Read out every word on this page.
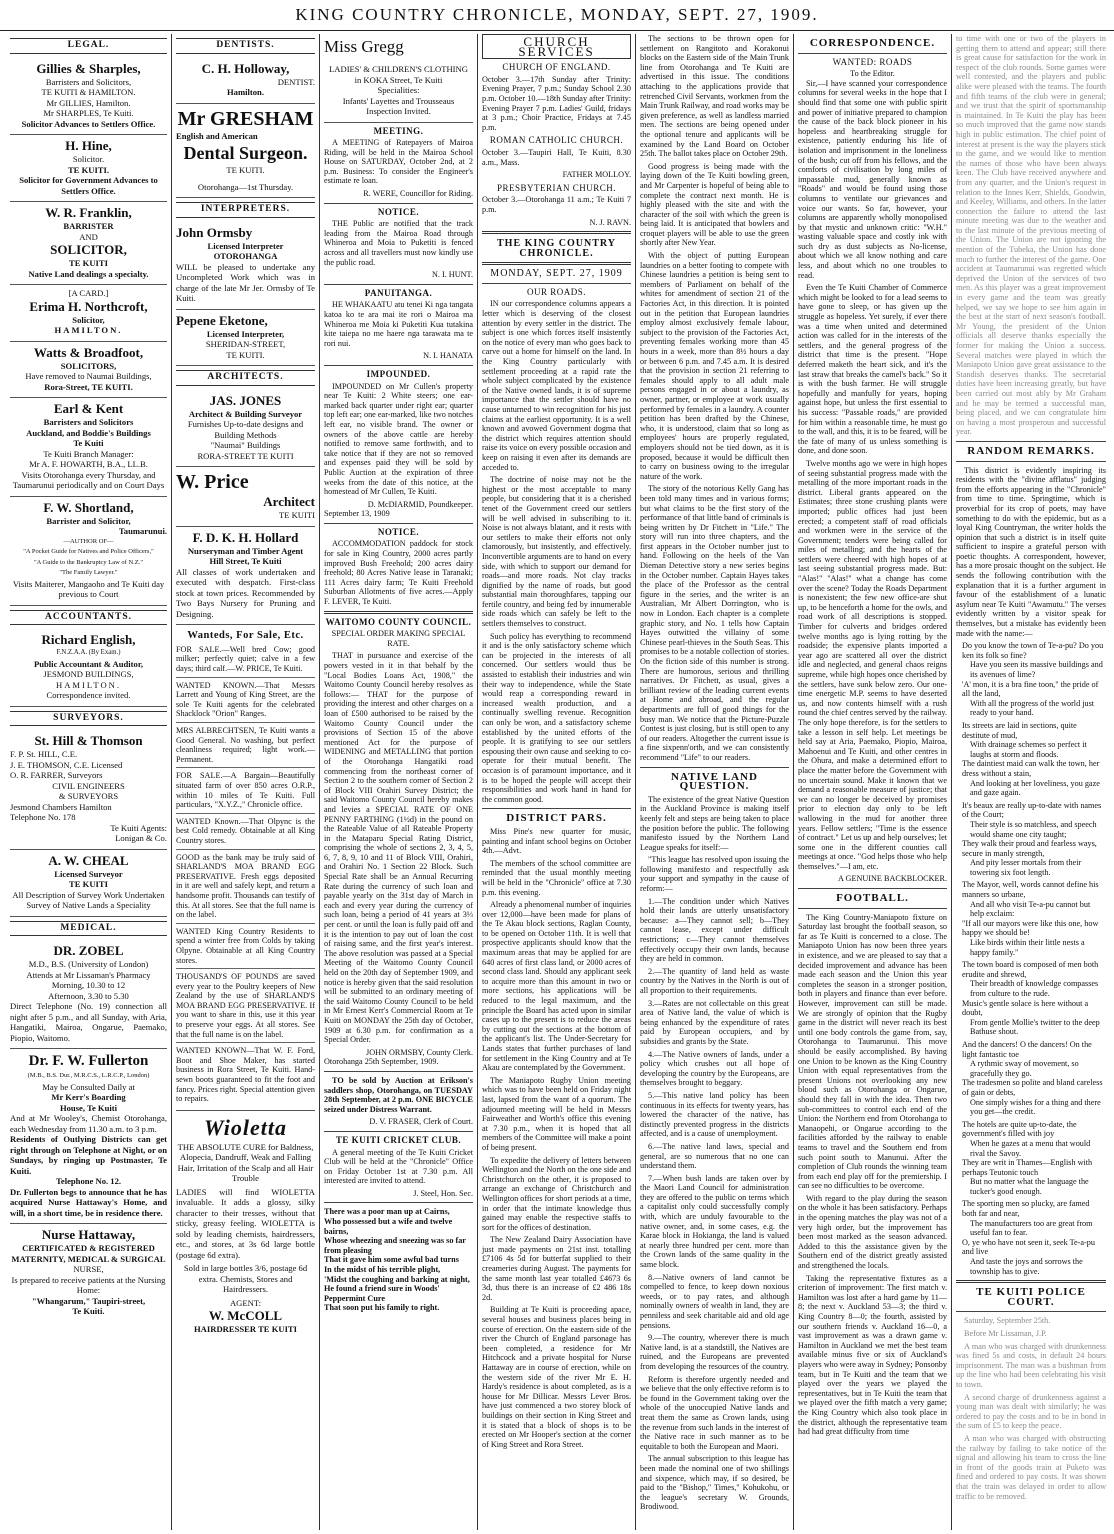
KING COUNTRY CHRONICLE, MONDAY, SEPT. 27, 1909.
LEGAL.
Gillies & Sharples,
Barristers and Solicitors,
TE KUITI & HAMILTON.
Mr GILLIES, Hamilton.
Mr SHARPLES, Te Kuiti.
Solicitor Advances to Settlers Office.
H. Hine,
Solicitor.
TE KUITI.
Solicitor for Government Advances to Settlers Office.
W. R. Franklin,
BARRISTER
AND
SOLICITOR,
TE KUITI
Native Land dealings a specialty.
[A CARD.]
Erima H. Northcroft,
Solicitor,
HAMILTON.
Watts & Broadfoot,
SOLICITORS,
Have removed to Naumai Buildings,
Rora-Street, TE KUITI.
Earl & Kent
Barristers and Solicitors
Auckland, and Boddie's Buildings
Te Kuiti
Te Kuiti Branch Manager:
Mr A. F. HOWARTH, B.A., LL.B.
Visits Otorohanga every Thursday, and Taumarunui periodically and on Court Days
F. W. Shortland,
Barrister and Solicitor,
Taumarunui.
—AUTHOR OF—
"A Pocket Guide for Natives and Police Officers,"
"A Guide to the Bankruptcy Law of N.Z."
"The Family Lawyer."
Visits Maiterer, Mangaoho and Te Kuiti day previous to Court
ACCOUNTANTS.
Richard English,
F.N.Z.A.A. (By Exam.)
Public Accountant & Auditor,
JESMOND BUILDINGS,
HAMILTON.
Correspondence invited.
SURVEYORS.
St. Hill & Thomson
F. P. St. HILL, C.E.
J. E. THOMSON, C.E. Licensed
O. R. FARRER, Surveyors
CIVIL ENGINEERS
& SURVEYORS
Jesmond Chambers Hamilton
Telephone No. 178
Te Kuiti Agents:
Lonigan & Co.
A. W. CHEAL
Licensed Surveyor
TE KUITI
All Description of Survey Work Undertaken
Survey of Native Lands a Speciality
MEDICAL.
DR. ZOBEL
M.D., B.S. (University of London)
Attends at Mr Lissaman's Pharmacy
Morning, 10.30 to 12
Afternoon, 3.30 to 5.30
Direct Telephone (No. 19) connection all night after 5 p.m., and all Sunday, with Aria, Hangatiki, Mairoa, Ongarue, Paemako, Piopio, Waitomo.
Dr. F. W. Fullerton
(M.B., B.S. Dur., M.R.C.S., L.R.C.P., London)
May be Consulted Daily at
Mr Kerr's Boarding
House, Te Kuiti
And at Mr Wooley's, Chemist Otorohanga, each Wednesday from 11.30 a.m. to 3 p.m.
Residents of Outlying Districts can get right through on Telephone at Night, or on Sundays, by ringing up Postmaster, Te Kuiti.
Telephone No. 12.
Dr. Fullerton begs to announce that he has acquired Nurse Hattaway's Home, and will, in a short time, be in residence there.
Nurse Hattaway,
CERTIFICATED & REGISTERED
MATERNITY, MEDICAL & SURGICAL
NURSE,
Is prepared to receive patients at the Nursing Home:
"Whangarum," Taupiri-street,
Te Kuiti.
DENTISTS.
C. H. Holloway,
DENTIST.
Hamilton.
Mr GRESHAM
English and American
Dental Surgeon.
TE KUITI.
Otorohanga—1st Thursday.
INTERPRETERS.
John Ormsby
Licensed Interpreter
OTOROHANGA
WILL be pleased to undertake any Uncompleted Work which was in charge of the late Mr Jer. Ormsby of Te Kuiti.
Pepene Eketone,
Licensed Interpreter,
SHERIDAN-STREET,
TE KUITI.
ARCHITECTS.
JAS. JONES
Architect & Building Surveyor
Furnishes Up-to-date designs and Building Methods
"Naumai" Buildings
RORA-STREET TE KUITI
W. Price
Architect
TE KUITI
F. D. K. H. Hollard
Nurseryman and Timber Agent
Hill Street, Te Kuiti
All classes of work undertaken and executed with despatch. First-class stock at town prices. Recommended by Two Bays Nursery for Pruning and Designing.
Wanteds, For Sale, Etc.

FOR SALE.—Well bred Cow; good milker; perfectly quiet; calve in a few days; third calf.—W. PRICE, Te Kuiti.

WANTED KNOWN.—That Messrs Larrett and Young of King Street, are the sole Te Kuiti agents for the celebrated Shacklock "Orion" Ranges.

MRS ALBRECHTSEN, Te Kuiti wants a Good General. No washing, but perfect cleanliness required; light work.—Permanent.

FOR SALE.—A Bargain—Beautifully situated farm of over 850 acres O.R.P., within 10 miles of Te Kuiti. Full particulars, "X.Y.Z.," Chronicle office.

WANTED Known.—That Olpync is the best Cold remedy. Obtainable at all King Country stores.

GOOD as the bank may be truly said of SHARLAND'S MOA BRAND EGG PRESERVATIVE. Fresh eggs deposited in it are well and safely kept, and return a handsome profit. Thousands can testify of this. At all stores. See that the full name is on the label.

WANTED King Country Residents to spend a winter free from Colds by taking Olpyne. Obtainable at all King Country stores.

THOUSAND'S OF POUNDS are saved every year to the Poultry keepers of New Zealand by the use of SHARLAND'S MOA BRAND EGG PRESERVATIVE. If you want to share in this, use it this year to preserve your eggs. At all stores. See that the full name is on the label.

WANTED KNOWN—That W. F. Ford, Boot and Shoe Maker, has started business in Rora Street, Te Kuiti. Hand-sewn boots guaranteed to fit the foot and fancy. Prices right. Special attention given to repairs.

Wioletta
THE ABSOLUTE CURE for Baldness, Alopecia, Dandruff, Weak and Falling Hair, Irritation of the Scalp and all Hair Trouble
LADIES will find WIOLETTA invaluable. It adds a glossy, silky character to their tresses, without that sticky, greasy feeling. WIOLETTA is sold by leading chemists, hairdressers, etc., and stores, at 3s 6d large bottle (postage 6d extra).
Sold in large bottles 3/6, postage 6d extra. Chemists, Stores and Hairdressers.
AGENT:
W. McCOLL
HAIRDRESSER TE KUITI
Miss Gregg
LADIES' & CHILDREN'S CLOTHING
in KOKA Street, Te Kuiti
Specialities:
Infants' Layettes and Trousseaus Inspection Invited.
MEETING.

A MEETING of Ratepayers of Mairoa Riding, will be held in the Mairoa School House on SATURDAY, October 2nd, at 2 p.m. Business: To consider the Engineer's estimate re loan.

R. WERE, Councillor for Riding.
NOTICE.

THE Public are notified that the track leading from the Mairoa Road through Whineroa and Moia to Puketiti is fenced across and all travellers must now kindly use the public road.

N. I. HUNT.
PANUITANGA.

HE WHAKAATU atu tenei Ki nga tangata katoa ko te ara mai ite rori o Mairoa ma Whineroa me Moia ki Puketiti Kua tutakina kite taiepa no me haere nga tarawata ma te rori nui.

N. I. HANATA
IMPOUNDED.

IMPOUNDED on Mr Cullen's property near Te Kuiti: 2 White steers; one ear-marked back quarter under right ear; quarter top left ear; one ear-marked, like two notches left ear, no visible brand. The owner or owners of the above cattle are hereby notified to remove same forthwith, and to take notice that if they are not so removed and expenses paid they will be sold by Public Auction at the expiration of three weeks from the date of this notice, at the homestead of Mr Cullen, Te Kuiti.

D. McDIARMID, Poundkeeper.
September 13, 1909
NOTICE.

ACCOMMODATION paddock for stock for sale in King Country, 2000 acres partly improved Bush Freehold; 200 acres dairy freehold; 80 Acres Native lease in Taranaki; 111 Acres dairy farm; Te Kuiti Freehold Suburban Allotments of five acres.—Apply F. LEVER, Te Kuiti.

WAITOMO COUNTY COUNCIL.
SPECIAL ORDER MAKING SPECIAL RATE.

THAT in pursuance and exercise of the powers vested in it in that behalf by the "Local Bodies Loans Act, 1908," the Waitomo County Council hereby resolves as follows:— THAT for the purpose of providing the interest and other charges on a loan of £500 authorised to be raised by the Waitomo County Council under the provisions of Section 15 of the above mentioned Act for the purpose of WIDENING and METALLING that portion of the Otorohanga Hangatiki road commencing from the northeast corner of Section 2 to the southern corner of Section 2 of Block VIII Orahiri Survey District; the said Waitomo County Council hereby makes and levies a SPECIAL RATE OF ONE PENNY FARTHING (1½d) in the pound on the Rateable Value of all Rateable Property in the Mataparu Special Rating District, comprising the whole of sections 2, 3, 4, 5, 6, 7, 8, 9, 10 and 11 of Block VIII, Orahiri, and Orahiri No. 1 Section 22 Block. Such Special Rate shall be an Annual Recurring Rate during the currency of such loan and payable yearly on the 31st day of March in each and every year during the currency of such loan, being a period of 41 years at 3⅓ per cent. or until the loan is fully paid off and it is the intention to pay out of loan the cost of raising same, and the first year's interest. The above resolution was passed at a Special Meeting of the Waitomo County Council held on the 20th day of September 1909, and notice is hereby given that the said resolution will be submitted to an ordinary meeting of the said Waitomo County Council to be held in Mr Ernest Kerr's Commercial Room at Te Kuiti on MONDAY the 25th day of October, 1909 at 6.30 p.m. for confirmation as a Special Order.

JOHN ORMSBY, County Clerk.
Otorohanga 25th September, 1909.

TO be sold by Auction at Erikson's saddlers shop, Otorohanga, on TUESDAY 28th September, at 2 p.m. ONE BICYCLE seized under Distress Warrant.

D. V. FRASER, Clerk of Court.
TE KUITI CRICKET CLUB.

A general meeting of the Te Kuiti Cricket Club will be held at the "Chronicle" Office on Friday October 1st at 7.30 p.m. All interested are invited to attend.

J. Steel, Hon. Sec.
There was a poor man up at Cairns,
Who possessed but a wife and twelve bairns,
Whose wheezing and sneezing was so far from pleasing
That it gave him some awful bad turns
In the midst of his terrible plight,
'Midst the coughing and barking at night,
He found a friend sure in Woods' Peppermint Cure
That soon put his family to right.
CHURCH SERVICES
CHURCH OF ENGLAND.

October 3.—17th Sunday after Trinity: Evening Prayer, 7 p.m.; Sunday School 2.30 p.m. October 10.—18th Sunday after Trinity: Evening Prayer 7 p.m. Ladies' Guild, fridays at 3 p.m.; Choir Practice, Fridays at 7.45 p.m.

ROMAN CATHOLIC CHURCH.

October 3.—Taupiri Hall, Te Kuiti, 8.30 a.m., Mass.

FATHER MOLLOY.
PRESBYTERIAN CHURCH.

October 3.—Otorohanga 11 a.m.; Te Kuiti 7 p.m.

N. J. RAVN.
THE KING COUNTRY CHRONICLE.
MONDAY, SEPT. 27, 1909
OUR ROADS.

IN our correspondence columns appears a letter which is deserving of the closest attention by every settler in the district. The subject is one which forces itself insistently on the notice of every man who goes back to carve out a home for himself on the land. In the King Country particularly with settlement proceeding at a rapid rate the whole subject complicated by the existence of the Native owned lands, it is of supreme importance that the settler should have no cause unturned to win recognition for his just claims at the earliest opportunity. It is a well known and avowed Government dogma that the district which requires attention should raise its voice on every possible occasion and keep on raising it even after its demands are acceded to.

The doctrine of noise may not be the highest or the most acceptable to many people, but considering that it is a cherished tenet of the Government creed our settlers will be well advised in subscribing to it. Noise is not always blatant, and it rests with our settlers to make their efforts not only clamorously, but insistently, and effectively. Inconvertible arguments are to hand on every side, with which to support our demand for roads—and more roads. Not clay tracks dignified by the name of roads, but good substantial main thoroughfares, tapping our fertile country, and being fed by innumerable side roads which can safely be left to the settlers themselves to construct.

Such policy has everything to recommend it and is the only satisfactory scheme which can be projected in the interests of all concerned. Our settlers would thus be assisted to establish their industries and win their way to independence, while the State would reap a corresponding reward in increased wealth production, and a continually swelling revenue. Recognition can only be won, and a satisfactory scheme established by the united efforts of the people. It is gratifying to see our settlers espousing their own cause and seeking to co-operate for their mutual benefit. The occasion is of paramount importance, and it is to be hoped the people will accept their responsibilities and work hand in hand for the common good.

DISTRICT PARS.

Miss Pine's new quarter for music, painting and infant school begins on October 4th.—Advt.

The members of the school committee are reminded that the usual monthly meeting will be held in the "Chronicle" office at 7.30 p.m. this evening.

Already a phenomenal number of inquiries over 12,000—have been made for plans of the Te Akau block sections, Raglan County, to be opened on October 11th. It is well that prospective applicants should know that the maximum areas that may be applied for are 640 acres of first class land, or 2000 acres of second class land. Should any applicant seek to acquire more than this amount in two or more sections, his applications will be reduced to the legal maximum, and the principle the Board has acted upon in similar cases up to the present is to reduce the areas by cutting out the sections at the bottom of the applicant's list. The Under-Secretary for Lands states that further purchases of land for settlement in the King Country and at Te Akau are contemplated by the Government.

The Maniapoto Rugby Union meeting which was to have been held on Friday night last, lapsed from the want of a quorum. The adjourned meeting will be held in Messrs Fairweather and Worth's office this evening at 7.30 p.m., when it is hoped that all members of the Committee will make a point of being present.

To expedite the delivery of letters between Wellington and the North on the one side and Christchurch on the other, it is proposed to arrange an exchange of Christchurch and Wellington offices for short periods at a time, in order that the intimate knowledge thus gained may enable the respective staffs to sort for the offices of destination.

The New Zealand Dairy Association have just made payments on 21st inst. totalling £7106 4s 5d for butterfat supplied to their creameries during August. The payments for the same month last year totalled £4673 6s 3d, thus there is an increase of £2 486 18s 2d.

Building at Te Kuiti is proceeding apace, several houses and business places being in course of erection. On the eastern side of the river the Church of England parsonage has been completed, a residence for Mr Hitchcock and a private hospital for Nurse Hattaway are in course of erection, while on the western side of the river Mr E. H. Hardy's residence is about completed, as is a house for Mr Dillicar. Messrs Lever Bros. have just commenced a two storey block of buildings on their section in King Street and it is stated that a block of shops is to be erected on Mr Hooper's section at the corner of King Street and Rora Street.

The sections to be thrown open for settlement on Rangitoto and Korakonui blocks on the Eastern side of the Main Trunk line from Otorohanga and Te Kuiti are advertised in this issue. The conditions attaching to the applications provide that retrenched Civil Servants, workmen from the Main Trunk Railway, and road works may be given preference, as well as landless married men. The sections are being opened under the optional tenure and applicants will be examined by the Land Board on October 25th. The ballot takes place on October 29th.

Good progress is being made with the laying down of the Te Kuiti bowling green, and Mr Carpenter is hopeful of being able to complete the contract next month. He is highly pleased with the site and with the character of the soil with which the green is being laid. It is anticipated that bowlers and croquet players will be able to use the green shortly after New Year.

With the object of putting European laundries on a better footing to compete with Chinese laundries a petition is being sent to members of Parliament on behalf of the whites for amendment of section 21 of the Factories Act, in this direction. It is pointed out in the petition that European laundries employ almost exclusively female labour, subject to the provision of the Factories Act, preventing females working more than 45 hours in a week, more than 8½ hours a day or between 6 p.m. and 7.45 a.m. It is desired that the provision in section 21 referring to females should apply to all adult male persons engaged in or about a laundry, as owner, partner, or employee at work usually performed by females in a laundry. A counter petition has been drafted by the Chinese, who, it is understood, claim that so long as employees' hours are properly regulated, employers should not be tied down, as it is proposed, because it would be difficult then to carry on business owing to the irregular nature of the work.

The story of the notorious Kelly Gang has been told many times and in various forms; but what claims to be the first story of the performance of that little band of criminals is being written by Dr Fitchett in "Life." The story will run into three chapters, and the first appears in the October number just to hand. Following on the heels of the Van Dieman Detective story a new series begins in the October number. Captain Hayes takes the place of the Professor as the central figure in the series, and the writer is an Australian, Mr Albert Dorrington, who is now in London. Each chapter is a complete graphic story, and No. 1 tells how Captain Hayes outwitted the villainy of some Chinese pearl-thieves in the South Seas. This promises to be a notable collection of stories. On the fiction side of this number is strong. There are humorous, serious and thrilling narratives. Dr Fitchett, as usual, gives a brilliant review of the leading current events at Home and abroad, and the regular departments are full of good things for the busy man. We notice that the Picture-Puzzle Contest is just closing, but is still open to any of our readers. Altogether the current issue is a fine sixpenn'orth, and we can consistently recommend "Life" to our readers.

NATIVE LAND QUESTION.

The existence of the great Native Question in the Auckland Province is making itself keenly felt and steps are being taken to place the position before the public. The following manifesto issued by the Northern Land League speaks for itself:—

"This league has resolved upon issuing the following manifesto and respectfully ask your support and sympathy in the cause of reform:—

1.—The condition under which Natives hold their lands are utterly unsatisfactory because: a—They cannot sell; b—They cannot lease, except under difficult restrictions; c—They cannot themselves effectively occupy their own lands, because they are held in common.

2.—The quantity of land held as waste country by the Natives in the North is out of all proportion to their requirements.

3.—Rates are not collectable on this great area of Native land, the value of which is being enhanced by the expenditure of rates paid by European occupiers, and by subsidies and grants by the State.

4.—The Native owners of lands, under a policy which crushes out all hope of developing the country by the Europeans, are themselves brought to beggary.

5.—This native land policy has been continuous in its effects for twenty years, has lowered the character of the native, has distinctly prevented progress in the districts affected, and is a cause of unemployment.

6.—The native land laws, special and general, are so numerous that no one can understand them.

7.—When bush lands are taken over by the Maori Land Council for administration they are offered to the public on terms which a capitalist only could successfully comply with, which are unduly favourable to the native owner, and, in some cases, e.g. the Karae block in Hokianga, the land is valued at nearly three hundred per cent. more than the Crown lands of the same quality in the same block.

8.—Native owners of land cannot be compelled to fence, to keep down noxious weeds, or to pay rates, and although nominally owners of wealth in land, they are penniless and seek charitable aid and old age pensions.

9.—The country, wherever there is much Native land, is at a standstill, the Natives are ruined, and the Europeans are prevented from developing the resources of the country.

Reform is therefore urgently needed and we believe that the only effective reform is to be found in the Government taking over the whole of the unoccupied Native lands and treat them the same as Crown lands, using the revenue from such lands in the interest of the Native race in such manner as to be equitable to both the European and Maori.

The annual subscription to this league has been made the nominal one of two shillings and sixpence, which may, if so desired, be paid to the "Bishop," Times," Kohukohu, or the league's secretary W. Grounds, Brodiwood.

CORRESPONDENCE.
WANTED: ROADS
To the Editor.

Sir,—I have scanned your correspondence columns for several weeks in the hope that I should find that some one with public spirit and power of initiative prepared to champion the cause of the back block pioneer in his hopeless and heartbreaking struggle for existence, patiently enduring his life of isolation and imprisonment in the loneliness of the bush; cut off from his fellows, and the comforts of civilisation by long miles of impassable mud, generally known as "Roads" and would be found using those columns to ventilate our grievances and voice our wants. So far, however, your columns are apparently wholly monopolised by that mystic and unknown critic: "W.H." wasting valuable space and costly ink with such dry as dust subjects as No-license, about which we all know nothing and care less, and about which no one troubles to read.

Even the Te Kuiti Chamber of Commerce which might be looked to for a lead seems to have gone to sleep, or has given up the struggle as hopeless. Yet surely, if ever there was a time when united and determined action was called for in the interests of the settlers, and the general progress of the district that time is the present. "Hope deferred maketh the heart sick, and it's the last straw that breaks the camel's back." So it is with the bush farmer. He will struggle hopefully and manfully for years, hoping against hope, but unless the first essential to his success: "Passable roads," are provided for him within a reasonable time, he must go to the wall, and this, it is to be feared, will be the fate of many of us unless something is done, and done soon.

Twelve months ago we were in high hopes of seeing substantial progress made with the metalling of the more important roads in the district. Liberal grants appeared on the Estimates; three stone crushing plants were imported; public offices had just been erected; a competent staff of road officials and workmen were in the service of the Government; tenders were being called for miles of metalling; and the hearts of the settlers were cheered with high hopes of at last seeing substantial progress made. But: "Alas!" "Alas!" what a change has come over the scene? Today the Roads Department is nonexistent; the few new office-are shut up, to be henceforth a home for the owls, and road work of all descriptions is stopped. Timber for culverts and bridges ordered twelve months ago is lying rotting by the roadside; the expensive plants imported a year ago are scattered all over the district idle and neglected, and general chaos reigns supreme, while high hopes once cherished by the settlers, have sunk below zero. Our one-time energetic M.P. seems to have deserted us, and now contents himself with a rush round the chief centres served by the railway. The only hope therefore, is for the settlers to take a lesson in self help. Let meetings be held say at Aria, Paemako, Piopio, Mairoa, Mahoenui and Te Kuiti, and other centres in the Ohura, and make a determined effort to place the matter before the Government with no uncertain sound. Make it known that we demand a reasonable measure of justice; that we can no longer be deceived by promises prior to election day only to be left wallowing in the mud for another three years. Fellow settlers; "Time is the essence of contract." Let us up and help ourselves; let some one in the different counties call meetings at once. "God helps those who help themselves."—I am, etc.

A GENUINE BACKBLOCKER.
FOOTBALL.

The King Country-Maniapoto fixture on Saturday last brought the football season, so far as Te Kuiti is concerned to a close. The Maniapoto Union has now been three years in existence, and we are pleased to say that a decided improvement and advance has been made each season and the Union this year completes the season in a stronger position, both in players and finance than ever before. However, improvement can still be made. We are strongly of opinion that the Rugby game in the district will never reach its best until one body controls the game from, say, Otorohanga to Taumarunui. This move should be easily accomplished. By having one Union to be known as the King Country Union with equal representatives from the present Unions not overlooking any new blood such as Otorohanga or Ongarue, should they fall in with the idea. Then two sub-committees to control each end of the Union: the Northern end from Otorohanga to Manaopehi, or Ongarue according to the facilities afforded by the railway to enable teams to travel and the Southern end from such point south to Manunui. After the completion of Club rounds the winning team from each end play off for the premiership. I can see no difficulties to be overcome.

With regard to the play during the season on the whole it has been satisfactory. Perhaps in the opening matches the play was not of a very high order, but the improvement has been most marked as the season advanced. Added to this the assistance given by the Southern end of the district greatly assisted and strengthened the locals.

Taking the representative fixtures as a criterion of improvement: The first match v. Hamilton was lost after a hard game by 11—8; the next v. Auckland 53—3; the third v. King Country 8—0; the fourth, assisted by our southern friends v. Auckland 16—0, a vast improvement as was a drawn game v. Hamilton in Auckland we met the best team available minus five or six of Auckland's players who were away in Sydney; Ponsonby team, but in Te Kuiti and the team that we played over the years we played the representatives, but in Te Kuiti the team that we played over the fifth match a very game; the King Country which also took place in the district, although the representative team had had great difficulty from time

to time with one or two of the players in getting them to attend and appear; still there is great cause for satisfaction for the work in respect of the club rounds. Some games were well contested, and the players and public alike were pleased with the teams. The fourth and fifth teams of the club were in general; and we trust that the spirit of sportsmanship is maintained. In Te Kuiti the play has been so much improved that the game now stands high in public estimation. The chief point of interest at present is the way the players stick to the game, and we would like to mention the names of those who have been always keen. The Club have received anywhere and from any quarter, and the Union's request in relation to the Innes Kerr, Shields, Goodwin, and Keeley, Williams, and others. In the latter connection the failure to attend the last minute meeting was due to the weather and to the last minute of the previous meeting of the Union. The Union are not ignoring the mention of the Tubeka, the Union has done much to further the interest of the game. One accident at Taumarunui was regretted which deprived the Union of the services of two men. As this player was a great improvement in every game and the team was greatly helped, we say we hope to see him again in the best at the start of next season's football. Mr Young, the president of the Union officials all deserve thanks especially the former for making the Union a success. Several matches were played in which the Maniapoto Union gave great assistance to the Standish deserves thanks. The secretarial duties have been increasing greatly, but have been carried out most ably by Mr Graham and he may be termed a successful man, being placed, and we can congratulate him on having a most prosperous and successful year.

RANDOM REMARKS.

This district is evidently inspiring its residents with the "divine afflatus" judging from the efforts appearing in the "Chronicle" from time to time. Springtime, which is proverbial for its crop of poets, may have something to do with the epidemic, but as a loyal King Countryman, the writer holds the opinion that such a district is in itself quite sufficient to inspire a grateful person with poetic thoughts. A correspondent, however, has a more prosaic thought on the subject. He sends the following contribution with the explanation that it is a further argument in favour of the establishment of a lunatic asylum near Te Kuiti "Awamutu." The verses evidently written by a visitor speak for themselves, but a mistake has evidently been made with the name:—

Do you know the town of Te-a-pu? Do you ken its folk so fine?
Have you seen its massive buildings and its avenues of lime?
'A' mon, it is a bra fine toon," the pride of all the land,
With all the progress of the world just ready to your hand.
Its streets are laid in sections, quite destitute of mud,
With drainage schemes so perfect it laughs at storm and floods.
The daintiest maid can walk the town, her dress without a stain,
And looking at her loveliness, you gaze and gaze again.
It's beaux are really up-to-date with names of the Court;
Their style is so matchless, and speech would shame one city taught;
They walk their proud and fearless ways, secure in manly strength,
And pity lesser mortals from their towering six foot length.
The Mayor, well, words cannot define his manners so urbane,
And all who visit Te-a-pu cannot but help exclaim:
"If all our mayors were like this one, how happy we should be!
Like birds within their little nests a happy family."
The town board is composed of men both erudite and shrewd,
Their breadth of knowledge compasses from culture to the rude.
Music's gentle solace is here without a doubt,
From gentle Mollie's twitter to the deep Bathuse shout.
And the dancers! O the dancers! On the light fantastic toe
A rythmic sway of movement, so gracefully they go.
The tradesmen so polite and bland careless of gain or debts,
One simply wishes for a thing and there you get—the credit.
The hotels are quite up-to-date, the government's filled with joy
When he gazes at a menu that would rival the Savoy.
They are writ in Thames—English with perhaps Teutonic touch
But no matter what the language the tucker's good enough.
The sporting men so plucky, are famed both far and near,
The manufacturers too are great from useful fan to fear.
O, ye who have not seen it, seek Te-a-pu and live
And taste the joys and sorrows the township has to give.
TE KUITI POLICE COURT.

Saturday, September 25th.

Before Mr Lissaman, J.P.

A man who was charged with drunkenness was fined 5s and costs, in default 24 hours imprisonment. The man was a bushman from up the line who had been celebrating his visit to town.

A second charge of drunkenness against a young man was dealt with similarly; he was ordered to pay the costs and to be in bond in the sum of £5 to keep the peace.

A man who was charged with obstructing the railway by failing to take notice of the signal and allowing his team to cross the line in front of the goods train at Puketo was fined and ordered to pay costs. It was shown that the train was delayed in order to allow traffic to be removed.
